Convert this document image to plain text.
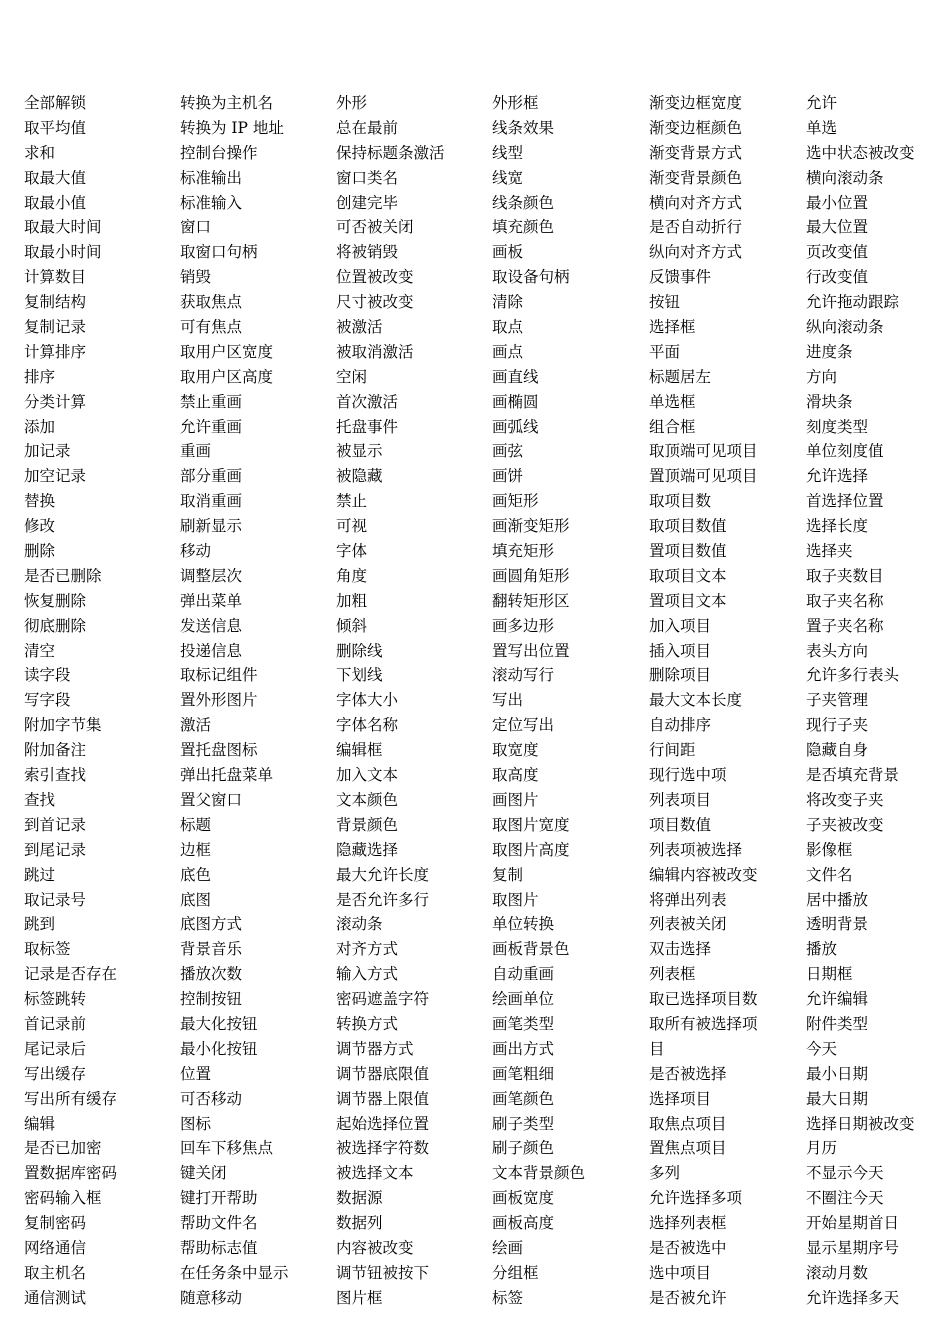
全部解锁
取平均值
求和
取最大值
取最小值
取最大时间
取最小时间
计算数目
复制结构
复制记录
计算排序
排序
分类计算
添加
加记录
加空记录
替换
修改
删除
是否已删除
恢复删除
彻底删除
清空
读字段
写字段
附加字节集
附加备注
索引查找
查找
到首记录
到尾记录
跳过
取记录号
跳到
取标签
记录是否存在
标签跳转
首记录前
尾记录后
写出缓存
写出所有缓存
编辑
是否已加密
置数据库密码
密码输入框
复制密码
网络通信
取主机名
通信测试
转换为主机名
转换为 IP 地址
控制台操作
标准输出
标准输入
窗口
取窗口句柄
销毁
获取焦点
可有焦点
取用户区宽度
取用户区高度
禁止重画
允许重画
重画
部分重画
取消重画
刷新显示
移动
调整层次
弹出菜单
发送信息
投递信息
取标记组件
置外形图片
激活
置托盘图标
弹出托盘菜单
置父窗口
标题
边框
底色
底图
底图方式
背景音乐
播放次数
控制按钮
最大化按钮
最小化按钮
位置
可否移动
图标
回车下移焦点
键关闭
键打开帮助
帮助文件名
帮助标志值
在任务条中显示
随意移动
外形
总在最前
保持标题条激活
窗口类名
创建完毕
可否被关闭
将被销毁
位置被改变
尺寸被改变
被激活
被取消激活
空闲
首次激活
托盘事件
被显示
被隐藏
禁止
可视
字体
角度
加粗
倾斜
删除线
下划线
字体大小
字体名称
编辑框
加入文本
文本颜色
背景颜色
隐藏选择
最大允许长度
是否允许多行
滚动条
对齐方式
输入方式
密码遮盖字符
转换方式
调节器方式
调节器底限值
调节器上限值
起始选择位置
被选择字符数
被选择文本
数据源
数据列
内容被改变
调节钮被按下
图片框
外形框
线条效果
线型
线宽
线条颜色
填充颜色
画板
取设备句柄
清除
取点
画点
画直线
画椭圆
画弧线
画弦
画饼
画矩形
画渐变矩形
填充矩形
画圆角矩形
翻转矩形区
画多边形
置写出位置
滚动写行
写出
定位写出
取宽度
取高度
画图片
取图片宽度
取图片高度
复制
取图片
单位转换
画板背景色
自动重画
绘画单位
画笔类型
画出方式
画笔粗细
画笔颜色
刷子类型
刷子颜色
文本背景颜色
画板宽度
画板高度
绘画
分组框
标签
渐变边框宽度
渐变边框颜色
渐变背景方式
渐变背景颜色
横向对齐方式
是否自动折行
纵向对齐方式
反馈事件
按钮
选择框
平面
标题居左
单选框
组合框
取顶端可见项目
置顶端可见项目
取项目数
取项目数值
置项目数值
取项目文本
置项目文本
加入项目
插入项目
删除项目
最大文本长度
自动排序
行间距
现行选中项
列表项目
项目数值
列表项被选择
编辑内容被改变
将弹出列表
列表被关闭
双击选择
列表框
取已选择项目数
取所有被选择项
目
是否被选择
选择项目
取焦点项目
置焦点项目
多列
允许选择多项
选择列表框
是否被选中
选中项目
是否被允许
允许
单选
选中状态被改变
横向滚动条
最小位置
最大位置
页改变值
行改变值
允许拖动跟踪
纵向滚动条
进度条
方向
滑块条
刻度类型
单位刻度值
允许选择
首选择位置
选择长度
选择夹
取子夹数目
取子夹名称
置子夹名称
表头方向
允许多行表头
子夹管理
现行子夹
隐藏自身
是否填充背景
将改变子夹
子夹被改变
影像框
文件名
居中播放
透明背景
播放
日期框
允许编辑
附件类型
今天
最小日期
最大日期
选择日期被改变
月历
不显示今天
不圈注今天
开始星期首日
显示星期序号
滚动月数
允许选择多天
